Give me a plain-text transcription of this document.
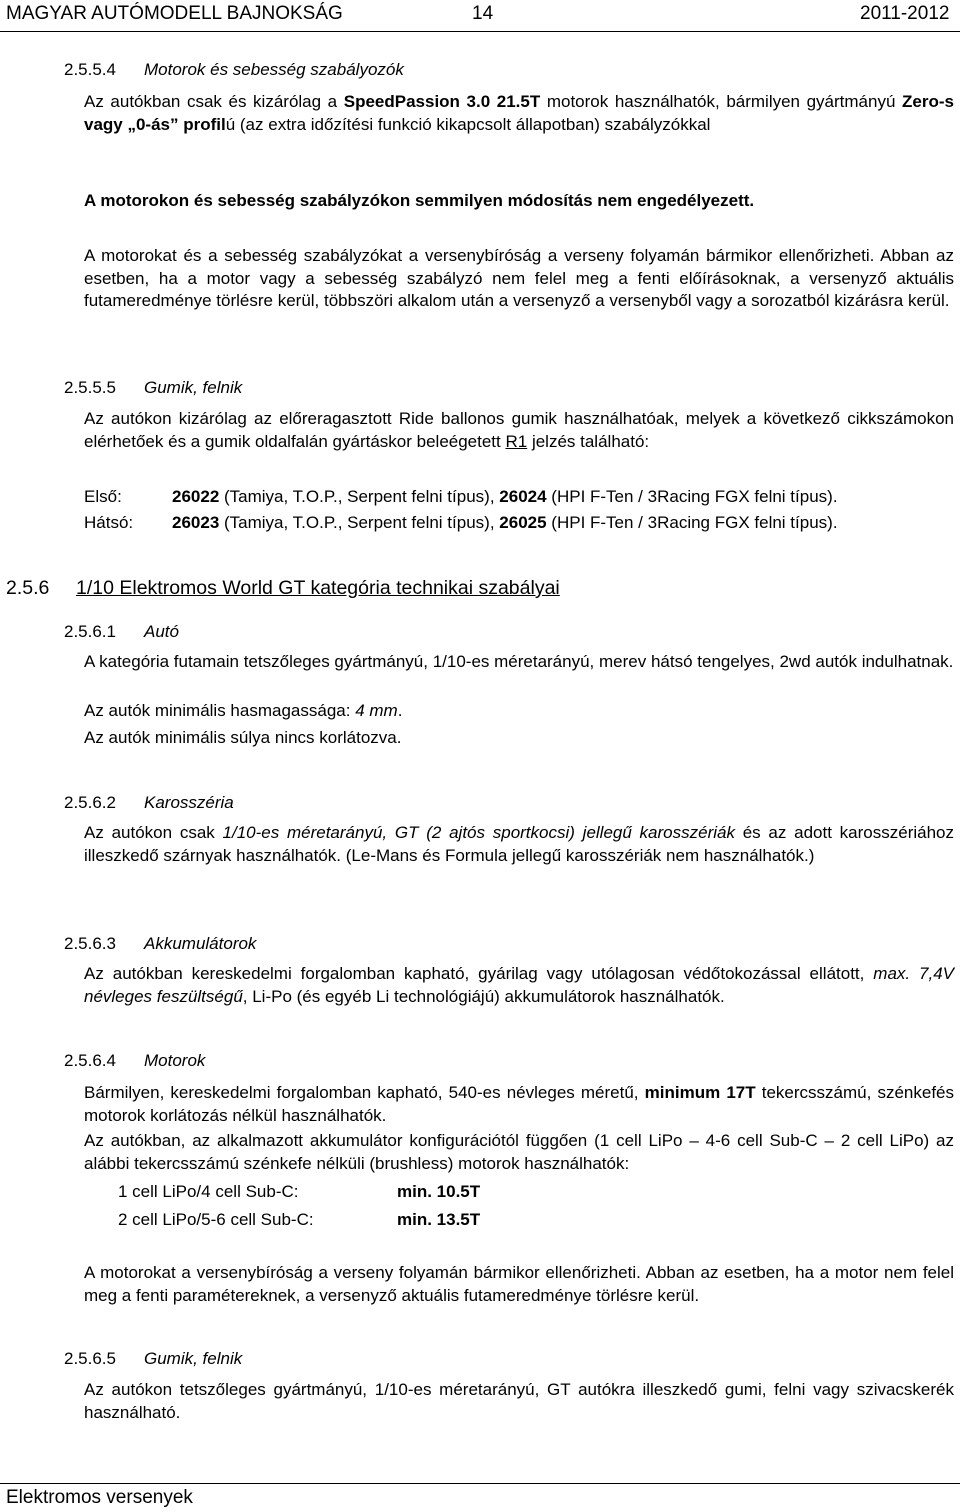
MAGYAR AUTÓMODELL BAJNOKSÁG	14	2011-2012
2.5.5.4 Motorok és sebesség szabályozók
Az autókban csak és kizárólag a SpeedPassion 3.0 21.5T motorok használhatók, bármilyen gyártmányú Zero-s vagy „0-ás” profilú (az extra időzítési funkció kikapcsolt állapotban) szabályzókkal
A motorokon és sebesség szabályzókon semmilyen módosítás nem engedélyezett.
A motorokat és a sebesség szabályzókat a versenybíróság a verseny folyamán bármikor ellenőrizheti. Abban az esetben, ha a motor vagy a sebesség szabályzó nem felel meg a fenti előírásoknak, a versenyző aktuális futameredménye törlésre kerül, többszöri alkalom után a versenyző a versenyből vagy a sorozatból kizárásra kerül.
2.5.5.5 Gumik, felnik
Az autókon kizárólag az előreragasztott Ride ballonos gumik használhatóak, melyek a következő cikkszámokon elérhetőek és a gumik oldalfalán gyártáskor beleégetett R1 jelzés található:
Első:	26022 (Tamiya, T.O.P., Serpent felni típus), 26024 (HPI F-Ten / 3Racing FGX felni típus).
Hátsó: 26023 (Tamiya, T.O.P., Serpent felni típus), 26025 (HPI F-Ten / 3Racing FGX felni típus).
2.5.6 1/10 Elektromos World GT kategória technikai szabályai
2.5.6.1 Autó
A kategória futamain tetszőleges gyártmányú, 1/10-es méretarányú, merev hátsó tengelyes, 2wd autók indulhatnak.
Az autók minimális hasmagassága: 4 mm.
Az autók minimális súlya nincs korlátozva.
2.5.6.2 Karosszéria
Az autókon csak 1/10-es méretarányú, GT (2 ajtós sportkocsi) jellegű karosszériák és az adott karosszériához illeszkedő szárnyak használhatók. (Le-Mans és Formula jellegű karosszériák nem használhatók.)
2.5.6.3 Akkumulátorok
Az autókban kereskedelmi forgalomban kapható, gyárilag vagy utólagosan védőtokozással ellátott, max. 7,4V névleges feszültségű, Li-Po (és egyéb Li technológiájú) akkumulátorok használhatók.
2.5.6.4 Motorok
Bármilyen, kereskedelmi forgalomban kapható, 540-es névleges méretű, minimum 17T tekercsszámú, szénkefés motorok korlátozás nélkül használhatók.
Az autókban, az alkalmazott akkumulátor konfigurációtól függően (1 cell LiPo – 4-6 cell Sub-C – 2 cell LiPo) az alábbi tekercsszámú szénkefe nélküli (brushless) motorok használhatók:
1 cell LiPo/4 cell Sub-C:	min. 10.5T
2 cell LiPo/5-6 cell Sub-C:	min. 13.5T
A motorokat a versenybíróság a verseny folyamán bármikor ellenőrizheti. Abban az esetben, ha a motor nem felel meg a fenti paramétereknek, a versenyző aktuális futameredménye törlésre kerül.
2.5.6.5 Gumik, felnik
Az autókon tetszőleges gyártmányú, 1/10-es méretarányú, GT autókra illeszkedő gumi, felni vagy szivacskerék használható.
Elektromos versenyek
